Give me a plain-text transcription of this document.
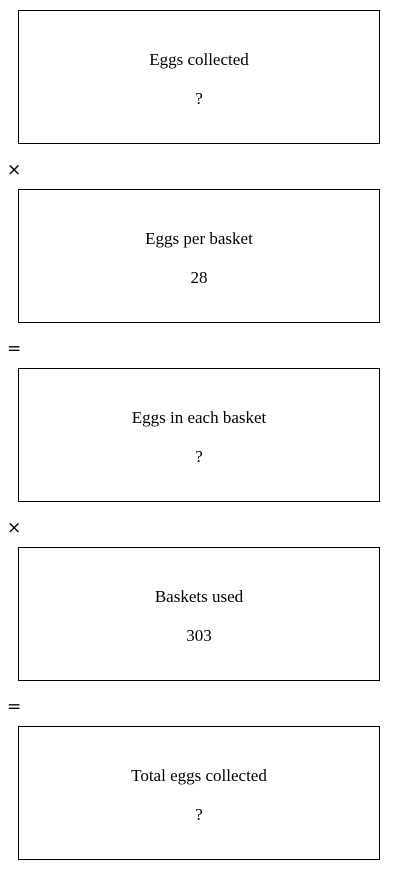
Eggs collected
?
×
Eggs per basket
28
=
Eggs in each basket
?
×
Baskets used
303
=
Total eggs collected
?
